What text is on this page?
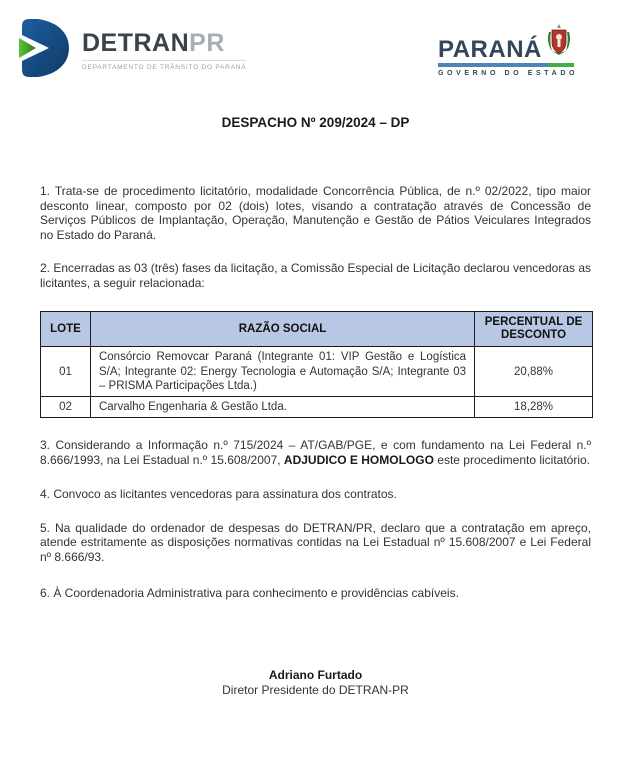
DETRANPR
DEPARTAMENTO DE TRÂNSITO DO PARANÁ
PARANÁ
GOVERNO DO ESTADO
DESPACHO Nº 209/2024 – DP

1. Trata-se de procedimento licitatório, modalidade Concorrência Pública, de n.º 02/2022, tipo maior desconto linear, composto por 02 (dois) lotes, visando a contratação através de Concessão de Serviços Públicos de Implantação, Operação, Manutenção e Gestão de Pátios Veiculares Integrados no Estado do Paraná.

2. Encerradas as 03 (três) fases da licitação, a Comissão Especial de Licitação declarou vencedoras as licitantes, a seguir relacionada:

LOTE	RAZÃO SOCIAL	PERCENTUAL DE DESCONTO
01	Consórcio Removcar Paraná (Integrante 01: VIP Gestão e Logística S/A; Integrante 02: Energy Tecnologia e Automação S/A; Integrante 03 – PRISMA Participações Ltda.)	20,88%
02	Carvalho Engenharia & Gestão Ltda.	18,28%

3. Considerando a Informação n.º 715/2024 – AT/GAB/PGE, e com fundamento na Lei Federal n.º 8.666/1993, na Lei Estadual n.º 15.608/2007, ADJUDICO E HOMOLOGO este procedimento licitatório.

4. Convoco as licitantes vencedoras para assinatura dos contratos.

5. Na qualidade do ordenador de despesas do DETRAN/PR, declaro que a contratação em apreço, atende estritamente as disposições normativas contidas na Lei Estadual nº 15.608/2007 e Lei Federal nº 8.666/93.

6. À Coordenadoria Administrativa para conhecimento e providências cabíveis.

Adriano Furtado
Diretor Presidente do DETRAN-PR
